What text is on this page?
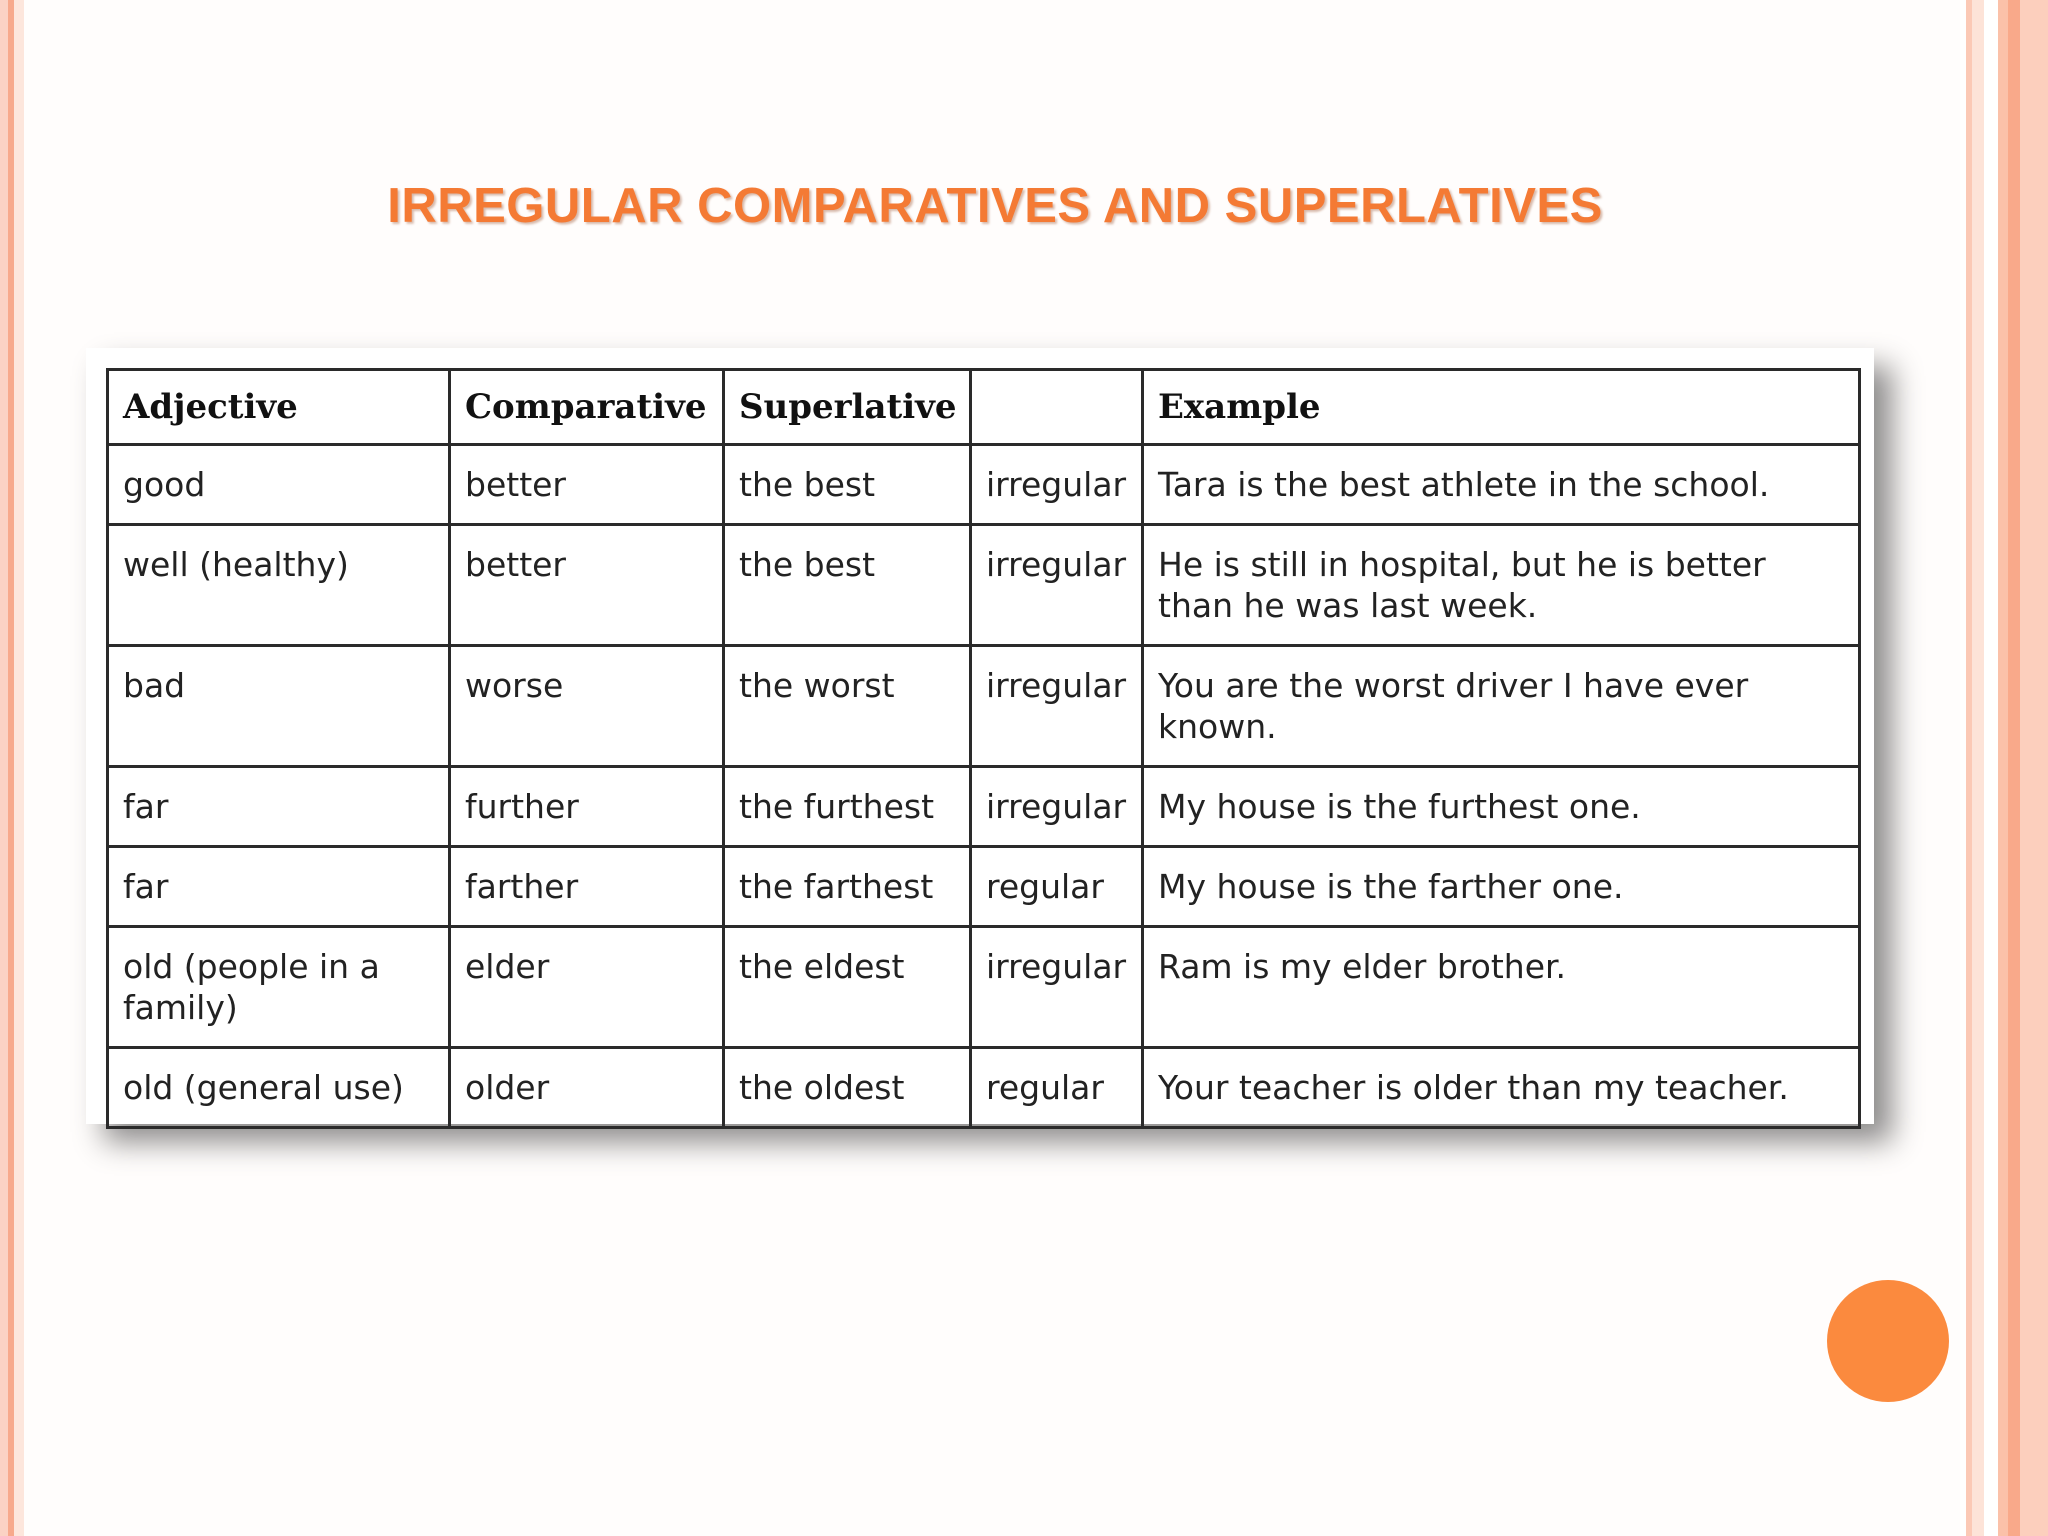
IRREGULAR COMPARATIVES AND SUPERLATIVES
Adjective	Comparative	Superlative		Example
good	better	the best	irregular	Tara is the best athlete in the school.
well (healthy)	better	the best	irregular	He is still in hospital, but he is better than he was last week.
bad	worse	the worst	irregular	You are the worst driver I have ever known.
far	further	the furthest	irregular	My house is the furthest one.
far	farther	the farthest	regular	My house is the farther one.
old (people in a family)	elder	the eldest	irregular	Ram is my elder brother.
old (general use)	older	the oldest	regular	Your teacher is older than my teacher.
